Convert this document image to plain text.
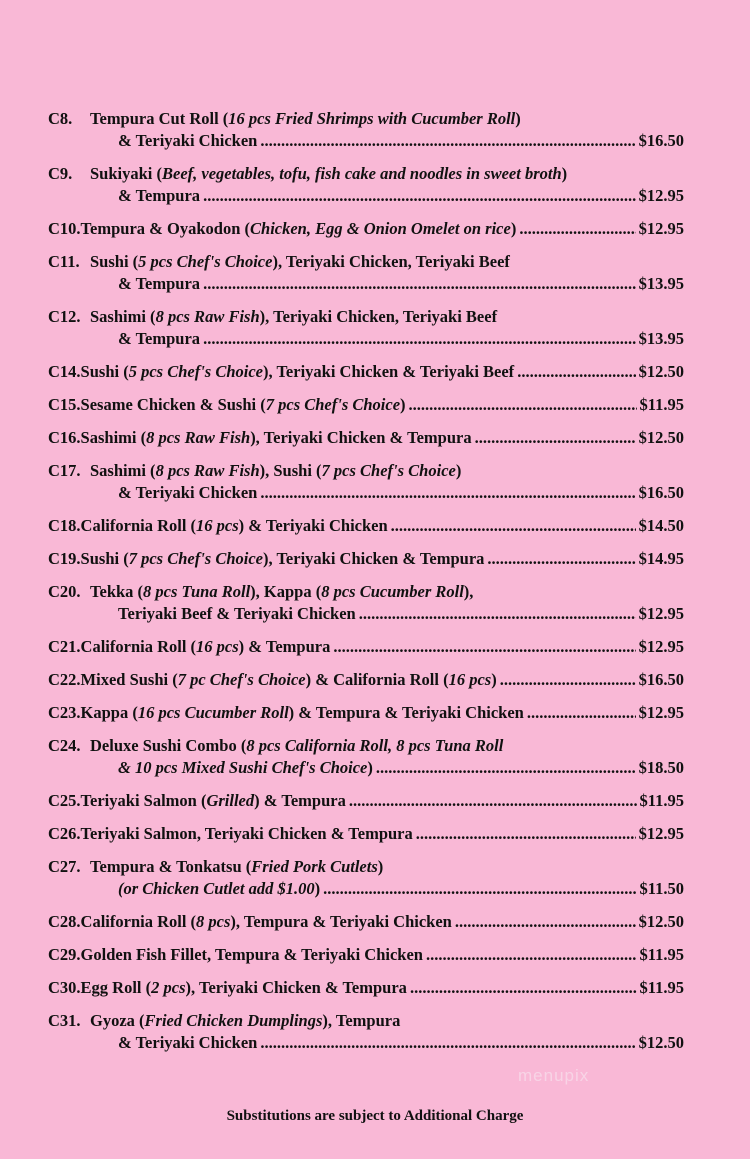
C8.	Tempura Cut Roll (16 pcs Fried Shrimps with Cucumber Roll)
& Teriyaki Chicken .....	$16.50
C9.	Sukiyaki (Beef, vegetables, tofu, fish cake and noodles in sweet broth)
& Tempura .....	$12.95
C10. Tempura & Oyakodon (Chicken, Egg & Onion Omelet on rice) .....	$12.95
C11. Sushi (5 pcs Chef's Choice), Teriyaki Chicken, Teriyaki Beef
& Tempura .....	$13.95
C12. Sashimi (8 pcs Raw Fish), Teriyaki Chicken, Teriyaki Beef
& Tempura .....	$13.95
C14. Sushi (5 pcs Chef's Choice), Teriyaki Chicken & Teriyaki Beef .....	$12.50
C15. Sesame Chicken & Sushi (7 pcs Chef's Choice) .....	$11.95
C16. Sashimi (8 pcs Raw Fish), Teriyaki Chicken & Tempura .....	$12.50
C17. Sashimi (8 pcs Raw Fish), Sushi (7 pcs Chef's Choice)
& Teriyaki Chicken .....	$16.50
C18. California Roll (16 pcs) & Teriyaki Chicken .....	$14.50
C19. Sushi (7 pcs Chef's Choice), Teriyaki Chicken & Tempura .....	$14.95
C20. Tekka (8 pcs Tuna Roll), Kappa (8 pcs Cucumber Roll),
Teriyaki Beef & Teriyaki Chicken .....	$12.95
C21. California Roll (16 pcs) & Tempura .....	$12.95
C22. Mixed Sushi (7 pc Chef's Choice) & California Roll (16 pcs) .....	$16.50
C23. Kappa (16 pcs Cucumber Roll) & Tempura & Teriyaki Chicken .....	$12.95
C24. Deluxe Sushi Combo (8 pcs California Roll, 8 pcs Tuna Roll
& 10 pcs Mixed Sushi Chef's Choice) .....	$18.50
C25. Teriyaki Salmon (Grilled) & Tempura .....	$11.95
C26. Teriyaki Salmon, Teriyaki Chicken & Tempura .....	$12.95
C27. Tempura & Tonkatsu (Fried Pork Cutlets)
(or Chicken Cutlet add $1.00) .....	$11.50
C28. California Roll (8 pcs), Tempura & Teriyaki Chicken .....	$12.50
C29. Golden Fish Fillet, Tempura & Teriyaki Chicken .....	$11.95
C30. Egg Roll (2 pcs), Teriyaki Chicken & Tempura .....	$11.95
C31. Gyoza (Fried Chicken Dumplings), Tempura
& Teriyaki Chicken .....	$12.50
Substitutions are subject to Additional Charge
menupix
